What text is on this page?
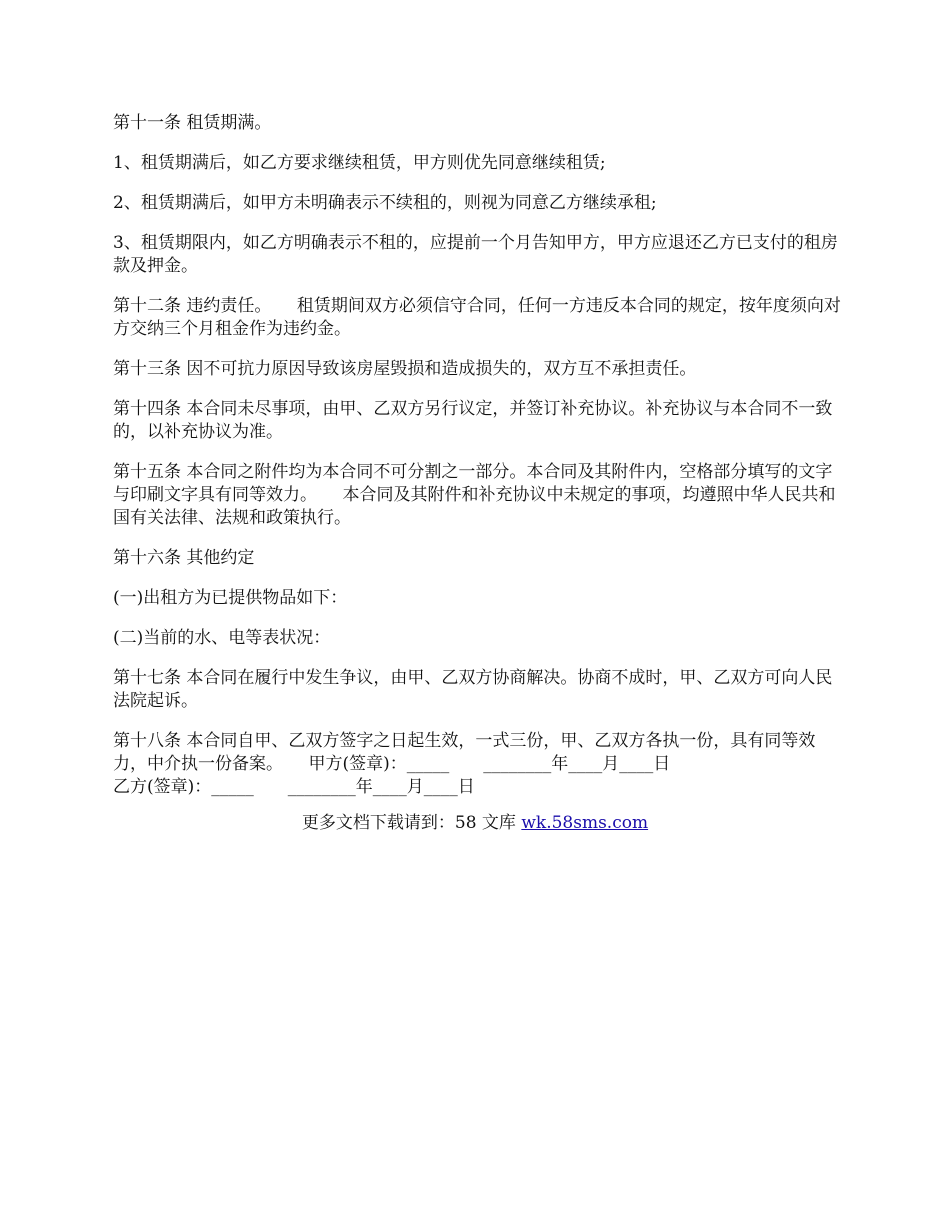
第十一条 租赁期满。

1、租赁期满后，如乙方要求继续租赁，甲方则优先同意继续租赁;

2、租赁期满后，如甲方未明确表示不续租的，则视为同意乙方继续承租;

3、租赁期限内，如乙方明确表示不租的，应提前一个月告知甲方，甲方应退还乙方已支付的租房款及押金。

第十二条 违约责任。　　租赁期间双方必须信守合同，任何一方违反本合同的规定，按年度须向对方交纳三个月租金作为违约金。

第十三条 因不可抗力原因导致该房屋毁损和造成损失的，双方互不承担责任。

第十四条 本合同未尽事项，由甲、乙双方另行议定，并签订补充协议。补充协议与本合同不一致的，以补充协议为准。

第十五条 本合同之附件均为本合同不可分割之一部分。本合同及其附件内，空格部分填写的文字与印刷文字具有同等效力。　　本合同及其附件和补充协议中未规定的事项，均遵照中华人民共和国有关法律、法规和政策执行。

第十六条 其他约定

(一)出租方为已提供物品如下：

(二)当前的水、电等表状况：

第十七条 本合同在履行中发生争议，由甲、乙双方协商解决。协商不成时，甲、乙双方可向人民法院起诉。

第十八条 本合同自甲、乙双方签字之日起生效，一式三份，甲、乙双方各执一份，具有同等效力，中介执一份备案。　　甲方(签章)：_____　　________年____月____日

乙方(签章)：_____　　________年____月____日

更多文档下载请到：58 文库 wk.58sms.com
